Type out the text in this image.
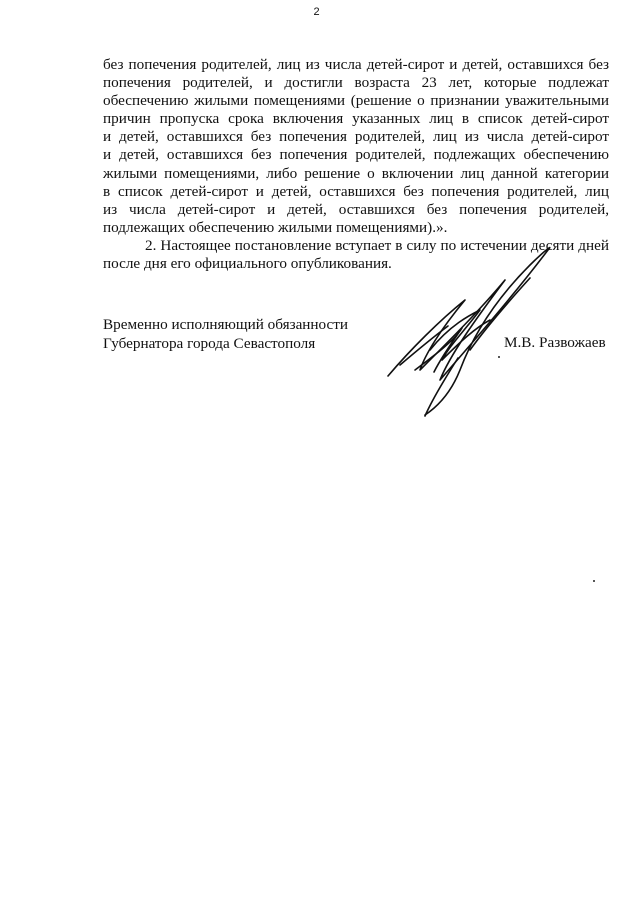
2
без попечения родителей, лиц из числа детей-сирот и детей, оставшихся без
попечения родителей, и достигли возраста 23 лет, которые подлежат
обеспечению жилыми помещениями (решение о признании уважительными
причин пропуска срока включения указанных лиц в список детей-сирот
и детей, оставшихся без попечения родителей, лиц из числа детей-сирот
и детей, оставшихся без попечения родителей, подлежащих обеспечению
жилыми помещениями, либо решение о включении лиц данной категории
в список детей-сирот и детей, оставшихся без попечения родителей, лиц
из числа детей-сирот и детей, оставшихся без попечения родителей,
подлежащих обеспечению жилыми помещениями).».
2. Настоящее постановление вступает в силу по истечении десяти дней
после дня его официального опубликования.
Временно исполняющий обязанности
Губернатора города Севастополя	М.В. Развожаев
